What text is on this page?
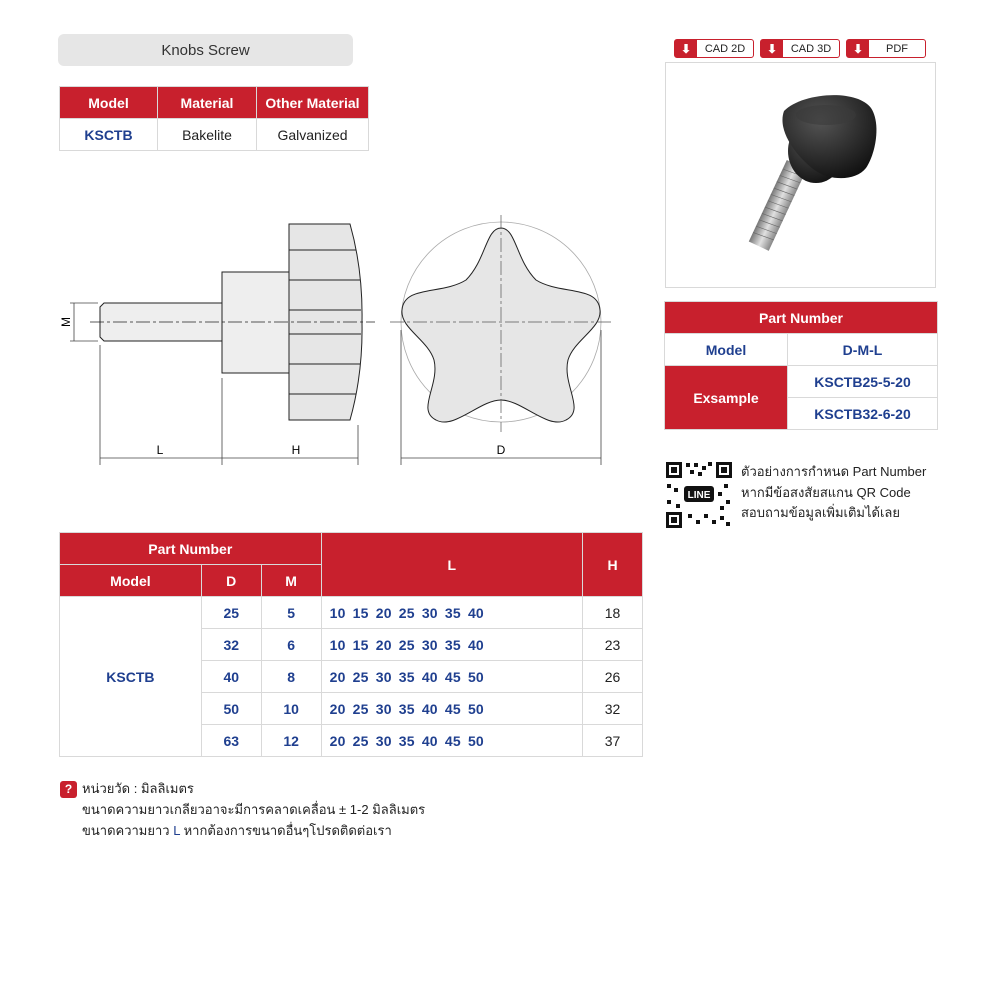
Knobs Screw	⬇	CAD 2D	⬇	CAD 3D	⬇	PDF
Model	Material	Other Material
KSCTB	Bakelite	Galvanized
L	H
M
D
Part Number	
Model	D-M-L
Exsample	KSCTB25-5-20
	KSCTB32-6-20
LINE
ตัวอย่างการกำหนด Part Number
หากมีข้อสงสัยสแกน QR Code
สอบถามข้อมูลเพิ่มเติมได้เลย
Part Number			L	H
Model	D	M		
KSCTB	25	5	10 15 20 25 30 35 40	18
	32	6	10 15 20 25 30 35 40	23
	40	8	20 25 30 35 40 45 50	26
	50	10	20 25 30 35 40 45 50	32
	63	12	20 25 30 35 40 45 50	37
? หน่วยวัด : มิลลิเมตร
ขนาดความยาวเกลียวอาจะมีการคลาดเคลื่อน ± 1-2 มิลลิเมตร
ขนาดความยาว L หากต้องการขนาดอื่นๆโปรดติดต่อเรา
